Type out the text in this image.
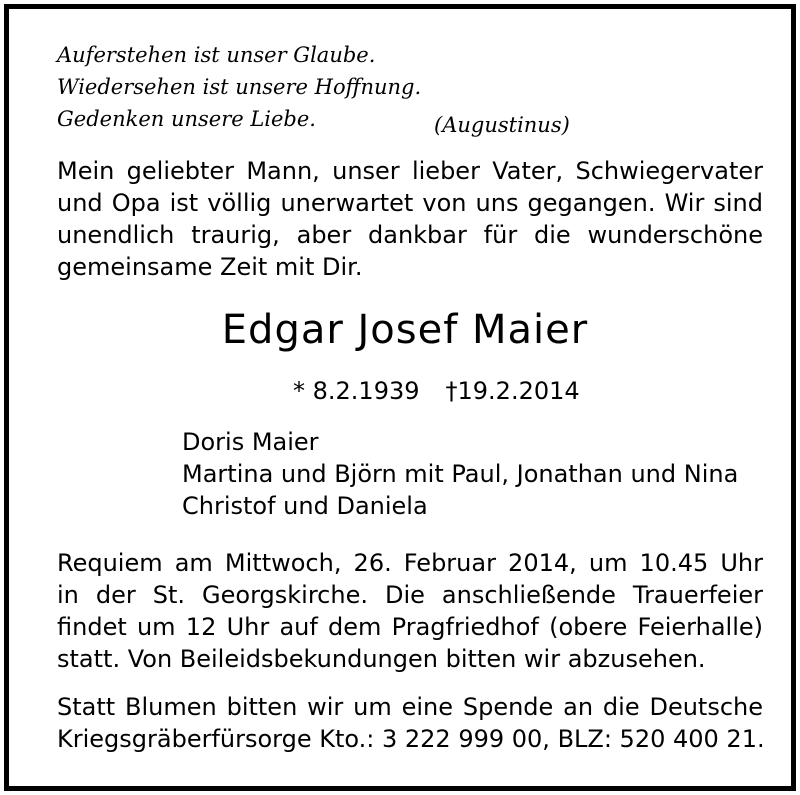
Auferstehen ist unser Glaube.

Wiedersehen ist unsere Hoffnung.

Gedenken unsere Liebe.	(Augustinus)

Mein geliebter Mann, unser lieber Vater, Schwiegervater

und Opa ist völlig unerwartet von uns gegangen. Wir sind

unendlich traurig, aber dankbar für die wunderschöne

gemeinsame Zeit mit Dir.

Edgar Josef Maier

* 8.2.1939 †19.2.2014

Doris Maier

Martina und Björn mit Paul, Jonathan und Nina

Christof und Daniela

Requiem am Mittwoch, 26. Februar 2014, um 10.45 Uhr

in der St. Georgskirche. Die anschließende Trauerfeier

findet um 12 Uhr auf dem Pragfriedhof (obere Feierhalle)

statt. Von Beileidsbekundungen bitten wir abzusehen.

Statt Blumen bitten wir um eine Spende an die Deutsche

Kriegsgräberfürsorge Kto.: 3 222 999 00, BLZ: 520 400 21.
